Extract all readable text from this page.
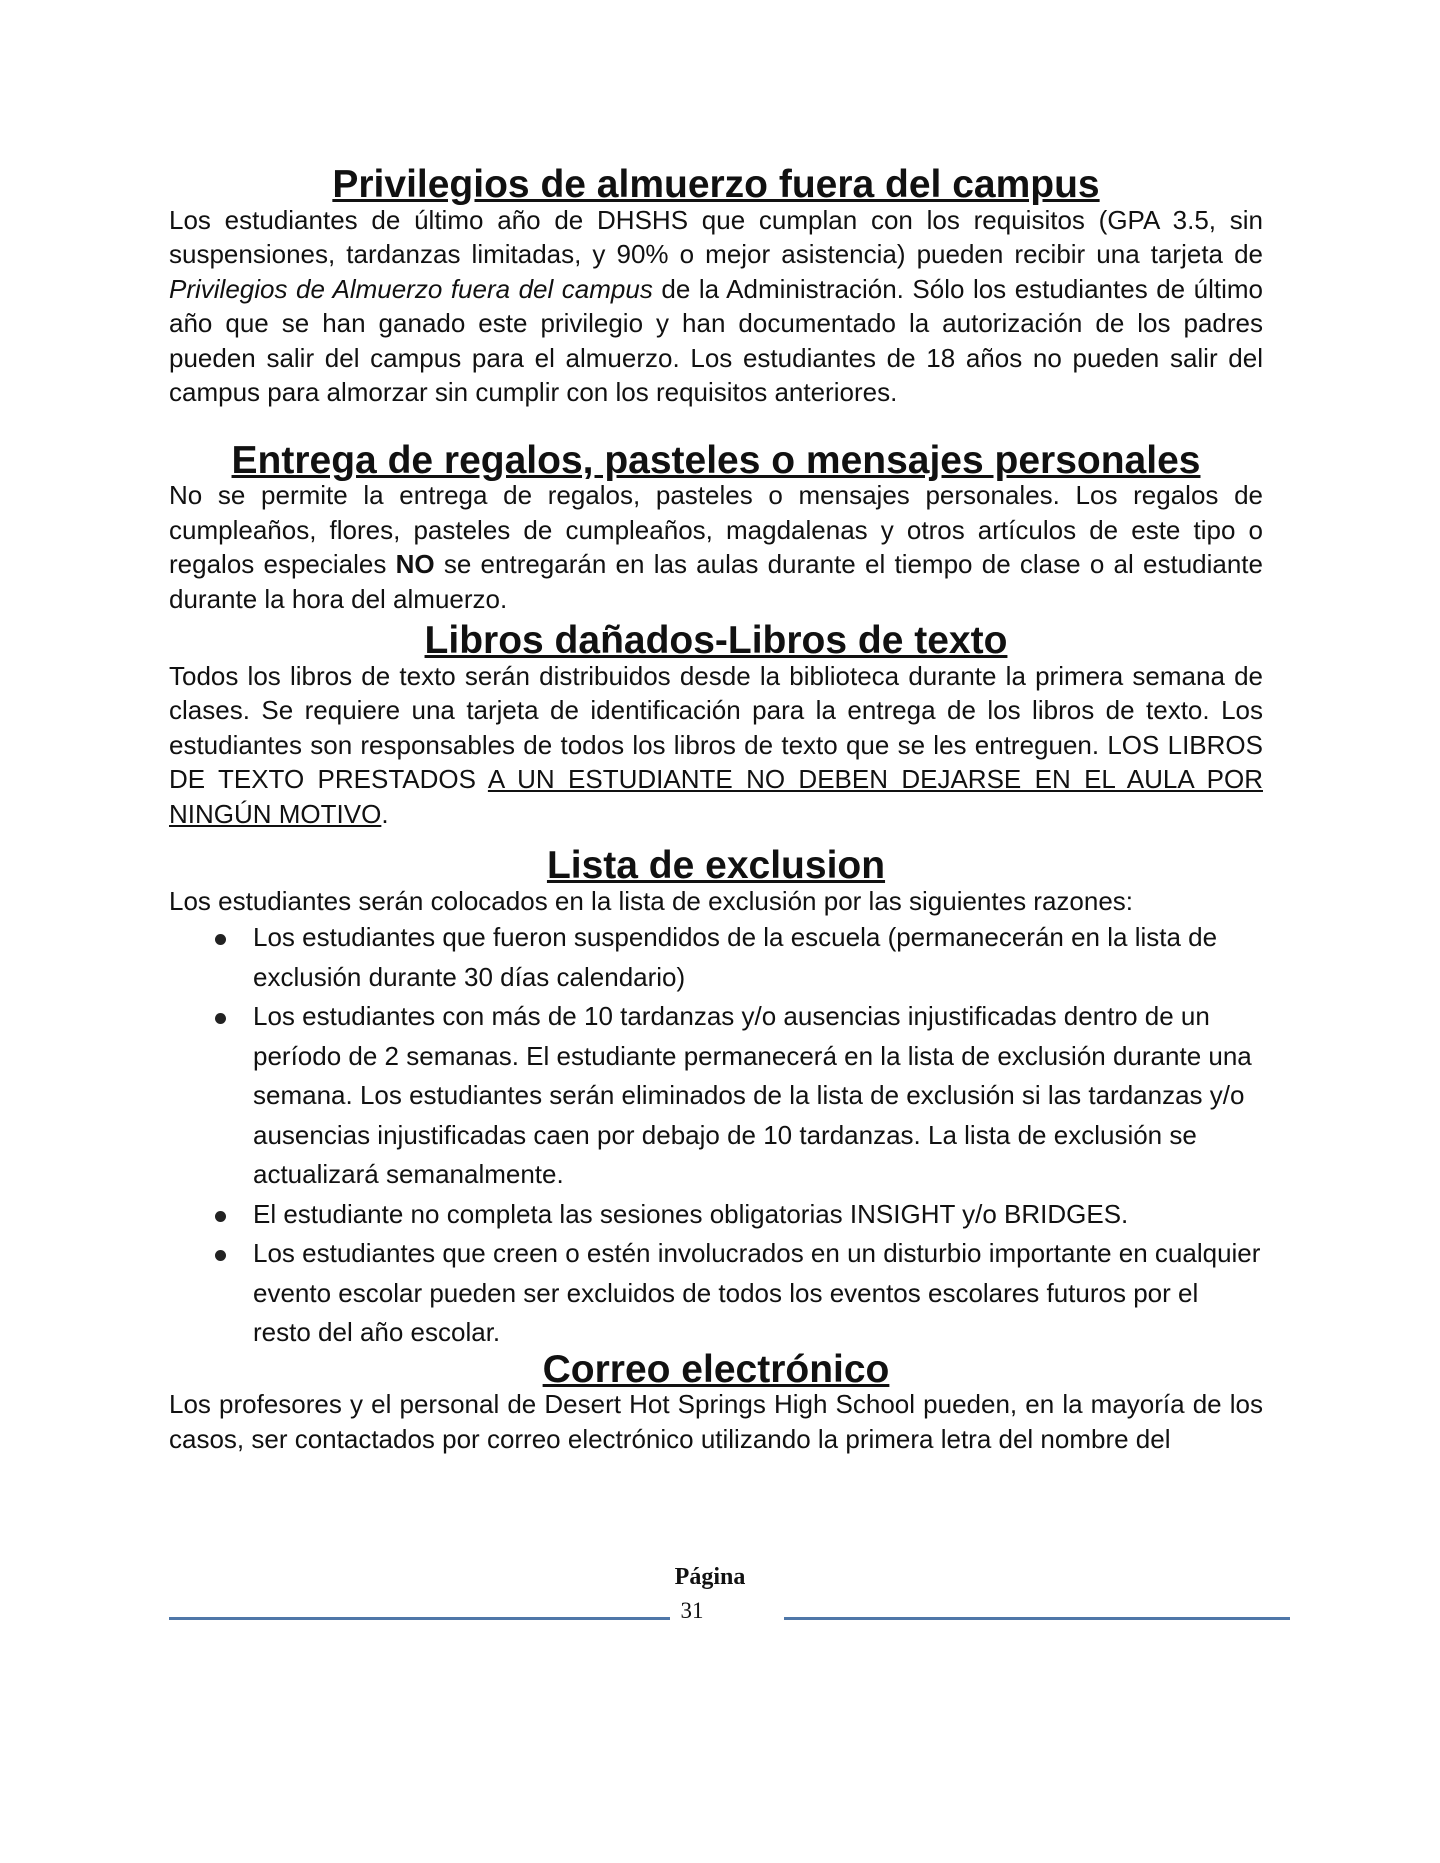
Privilegios de almuerzo fuera del campus

Los estudiantes de último año de DHSHS que cumplan con los requisitos (GPA 3.5, sin suspensiones, tardanzas limitadas, y 90% o mejor asistencia) pueden recibir una tarjeta de Privilegios de Almuerzo fuera del campus de la Administración. Sólo los estudiantes de último año que se han ganado este privilegio y han documentado la autorización de los padres pueden salir del campus para el almuerzo. Los estudiantes de 18 años no pueden salir del campus para almorzar sin cumplir con los requisitos anteriores.

Entrega de regalos, pasteles o mensajes personales

No se permite la entrega de regalos, pasteles o mensajes personales. Los regalos de cumpleaños, flores, pasteles de cumpleaños, magdalenas y otros artículos de este tipo o regalos especiales NO se entregarán en las aulas durante el tiempo de clase o al estudiante durante la hora del almuerzo.

Libros dañados-Libros de texto

Todos los libros de texto serán distribuidos desde la biblioteca durante la primera semana de clases. Se requiere una tarjeta de identificación para la entrega de los libros de texto. Los estudiantes son responsables de todos los libros de texto que se les entreguen. LOS LIBROS DE TEXTO PRESTADOS A UN ESTUDIANTE NO DEBEN DEJARSE EN EL AULA POR NINGÚN MOTIVO.

Lista de exclusion

Los estudiantes serán colocados en la lista de exclusión por las siguientes razones:

Los estudiantes que fueron suspendidos de la escuela (permanecerán en la lista de exclusión durante 30 días calendario)
Los estudiantes con más de 10 tardanzas y/o ausencias injustificadas dentro de un período de 2 semanas. El estudiante permanecerá en la lista de exclusión durante una semana. Los estudiantes serán eliminados de la lista de exclusión si las tardanzas y/o ausencias injustificadas caen por debajo de 10 tardanzas. La lista de exclusión se actualizará semanalmente.
El estudiante no completa las sesiones obligatorias INSIGHT y/o BRIDGES.
Los estudiantes que creen o estén involucrados en un disturbio importante en cualquier evento escolar pueden ser excluidos de todos los eventos escolares futuros por el resto del año escolar.
Correo electrónico

Los profesores y el personal de Desert Hot Springs High School pueden, en la mayoría de los casos, ser contactados por correo electrónico utilizando la primera letra del nombre del

Página
31
